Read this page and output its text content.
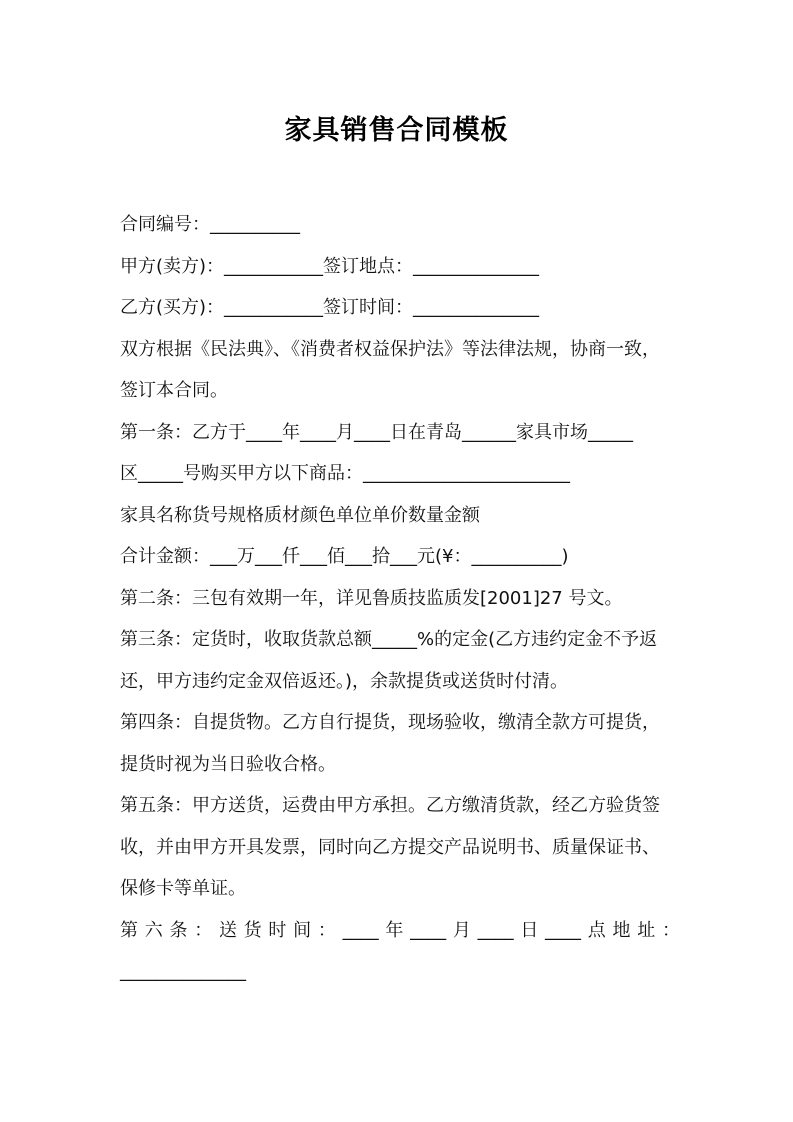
家具销售合同模板
合同编号：__________
甲方(卖方)：___________签订地点：______________
乙方(买方)：___________签订时间：______________
双方根据《民法典》、《消费者权益保护法》等法律法规，协商一致，
签订本合同。
第一条：乙方于____年____月____日在青岛______家具市场_____
区_____号购买甲方以下商品：_______________________
家具名称货号规格质材颜色单位单价数量金额
合计金额：___万___仟___佰___拾___元(¥：__________)
第二条：三包有效期一年，详见鲁质技监质发[2001]27 号文。
第三条：定货时，收取货款总额_____%的定金(乙方违约定金不予返
还，甲方违约定金双倍返还。)，余款提货或送货时付清。
第四条：自提货物。乙方自行提货，现场验收，缴清全款方可提货，
提货时视为当日验收合格。
第五条：甲方送货，运费由甲方承担。乙方缴清货款，经乙方验货签
收，并由甲方开具发票，同时向乙方提交产品说明书、质量保证书、
保修卡等单证。
第六条：送货时间：____年____月____日____点地址：
______________
